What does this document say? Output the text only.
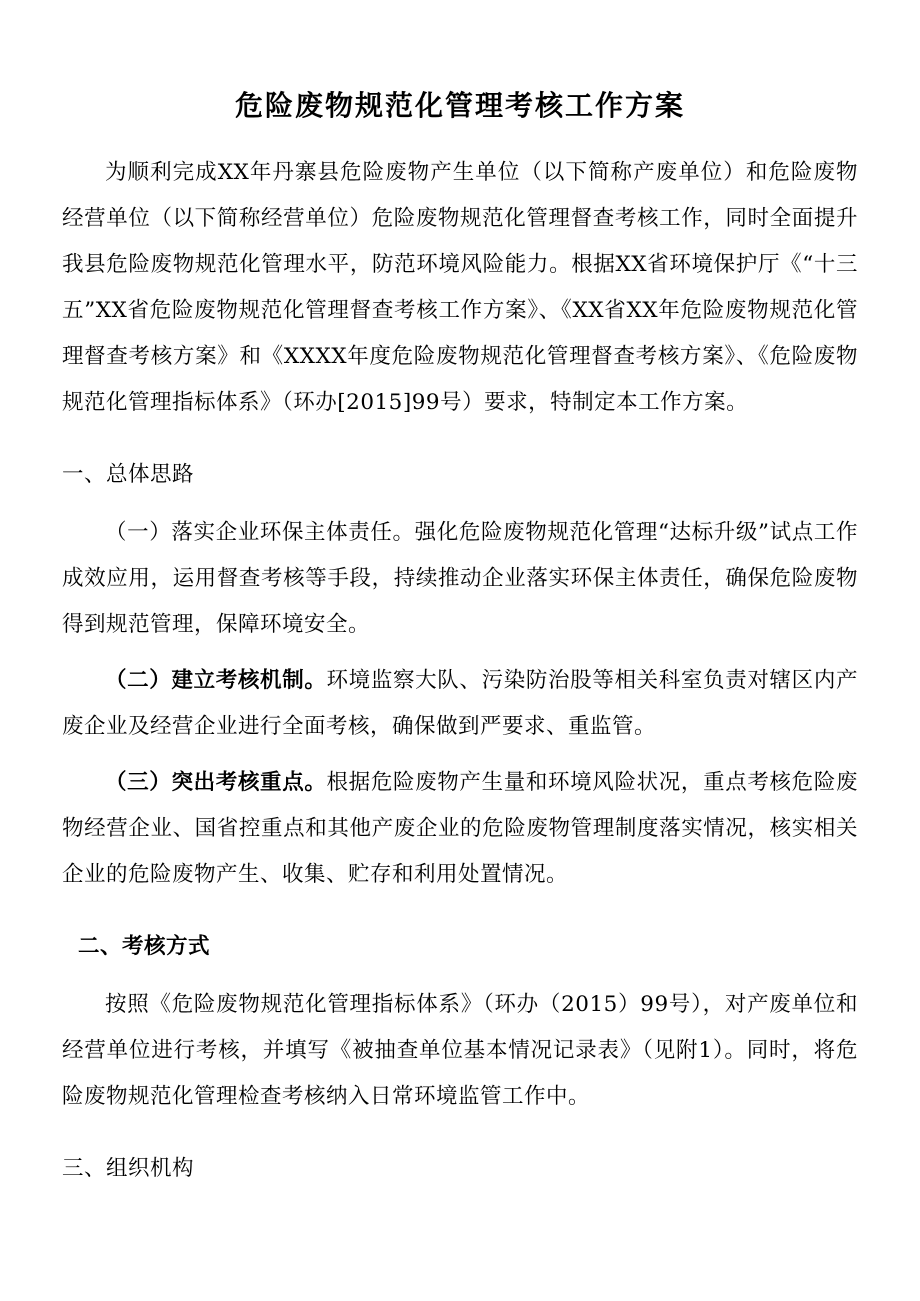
危险废物规范化管理考核工作方案

为顺利完成XX年丹寨县危险废物产生单位（以下简称产废单位）和危险废物经营单位（以下简称经营单位）危险废物规范化管理督查考核工作，同时全面提升我县危险废物规范化管理水平，防范环境风险能力。根据XX省环境保护厅《“十三五”XX省危险废物规范化管理督查考核工作方案》、《XX省XX年危险废物规范化管理督查考核方案》和《XXXX年度危险废物规范化管理督查考核方案》、《危险废物规范化管理指标体系》（环办[2015]99号）要求，特制定本工作方案。

一、总体思路

（一）落实企业环保主体责任。强化危险废物规范化管理“达标升级”试点工作成效应用，运用督查考核等手段，持续推动企业落实环保主体责任，确保危险废物得到规范管理，保障环境安全。

（二）建立考核机制。环境监察大队、污染防治股等相关科室负责对辖区内产废企业及经营企业进行全面考核，确保做到严要求、重监管。

（三）突出考核重点。根据危险废物产生量和环境风险状况，重点考核危险废物经营企业、国省控重点和其他产废企业的危险废物管理制度落实情况，核实相关企业的危险废物产生、收集、贮存和利用处置情况。

二、考核方式

按照《危险废物规范化管理指标体系》（环办（2015）99号），对产废单位和经营单位进行考核，并填写《被抽查单位基本情况记录表》（见附1）。同时，将危险废物规范化管理检查考核纳入日常环境监管工作中。

三、组织机构
